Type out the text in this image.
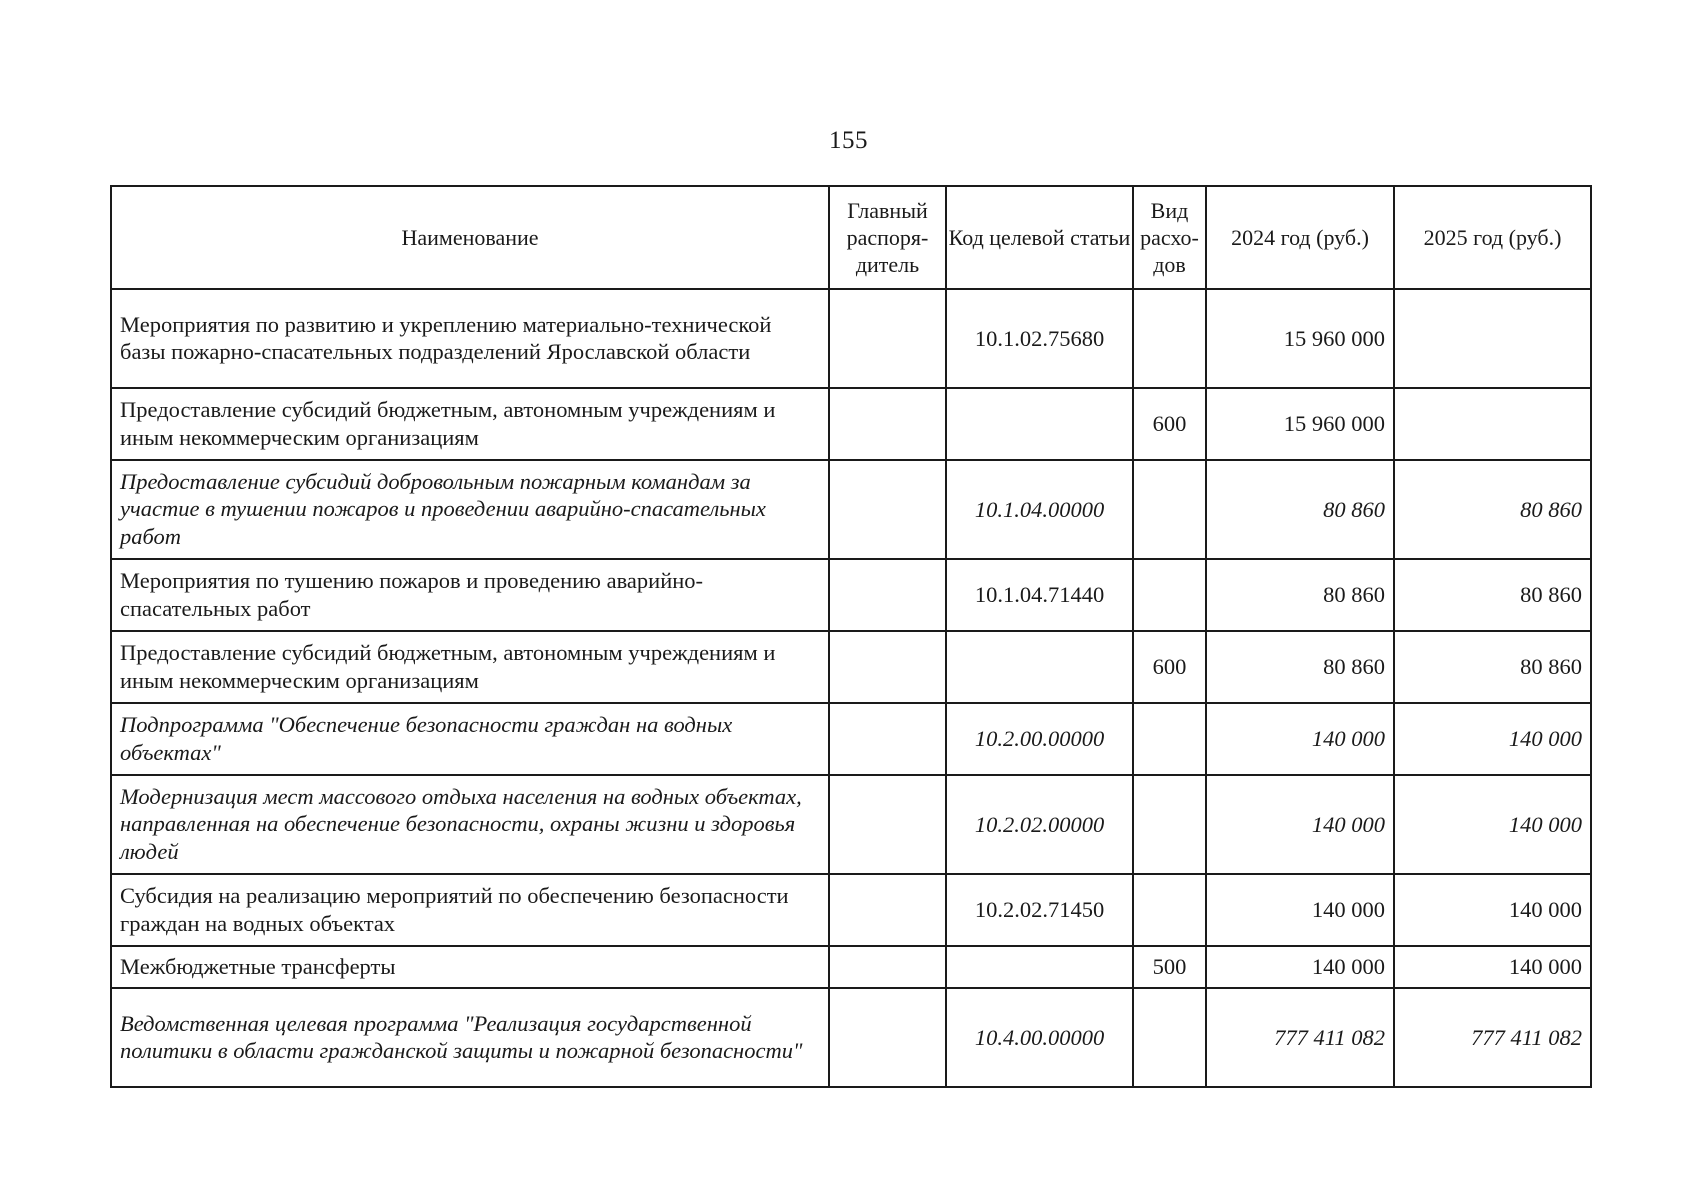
155
Наименование	Главный распоря-дитель	Код целевой статьи	Вид расхо-дов	2024 год (руб.)	2025 год (руб.)
Мероприятия по развитию и укреплению материально-технической базы пожарно-спасательных подразделений Ярославской области		10.1.02.75680		15 960 000	
Предоставление субсидий бюджетным, автономным учреждениям и иным некоммерческим организациям			600	15 960 000	
Предоставление субсидий добровольным пожарным командам за участие в тушении пожаров и проведении аварийно-спасательных работ		10.1.04.00000		80 860	80 860
Мероприятия по тушению пожаров и проведению аварийно-спасательных работ		10.1.04.71440		80 860	80 860
Предоставление субсидий бюджетным, автономным учреждениям и иным некоммерческим организациям			600	80 860	80 860
Подпрограмма "Обеспечение безопасности граждан на водных объектах"		10.2.00.00000		140 000	140 000
Модернизация мест массового отдыха населения на водных объектах, направленная на обеспечение безопасности, охраны жизни и здоровья людей		10.2.02.00000		140 000	140 000
Субсидия на реализацию мероприятий по обеспечению безопасности граждан на водных объектах		10.2.02.71450		140 000	140 000
Межбюджетные трансферты			500	140 000	140 000
Ведомственная целевая программа "Реализация государственной политики в области гражданской защиты и пожарной безопасности"		10.4.00.00000		777 411 082	777 411 082
